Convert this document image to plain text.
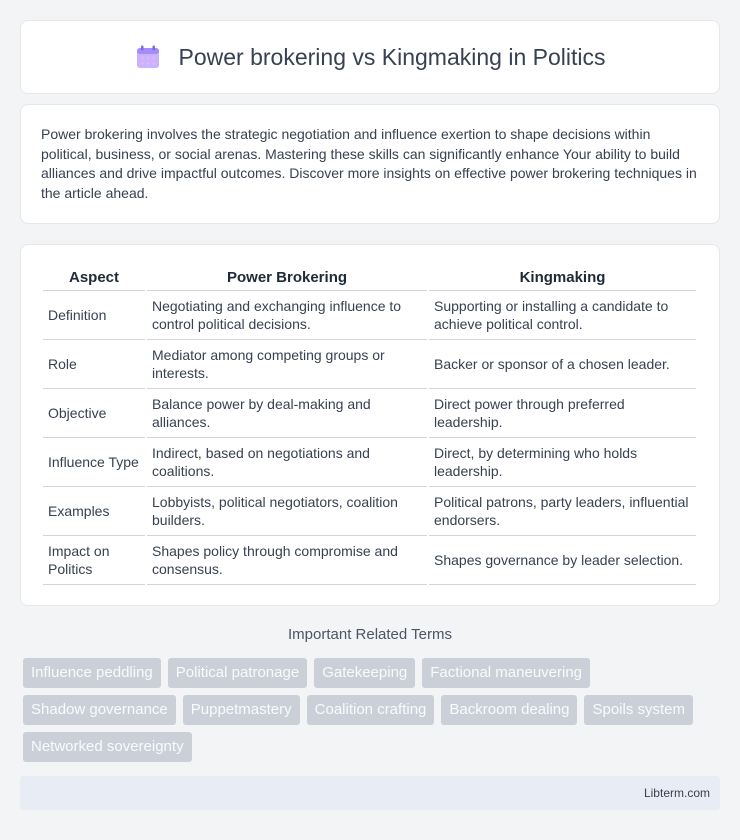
Power brokering vs Kingmaking in Politics

Power brokering involves the strategic negotiation and influence exertion to shape decisions within political, business, or social arenas. Mastering these skills can significantly enhance Your ability to build alliances and drive impactful outcomes. Discover more insights on effective power brokering techniques in the article ahead.

Aspect	Power Brokering	Kingmaking
Definition	Negotiating and exchanging influence to control political decisions.	Supporting or installing a candidate to achieve political control.
Role	Mediator among competing groups or interests.	Backer or sponsor of a chosen leader.
Objective	Balance power by deal-making and alliances.	Direct power through preferred leadership.
Influence Type	Indirect, based on negotiations and coalitions.	Direct, by determining who holds leadership.
Examples	Lobbyists, political negotiators, coalition builders.	Political patrons, party leaders, influential endorsers.
Impact on Politics	Shapes policy through compromise and consensus.	Shapes governance by leader selection.
Important Related Terms
Influence peddling	Political patronage	Gatekeeping	Factional maneuvering
Shadow governance	Puppetmastery	Coalition crafting	Backroom dealing	Spoils system
Networked sovereignty
Libterm.com
